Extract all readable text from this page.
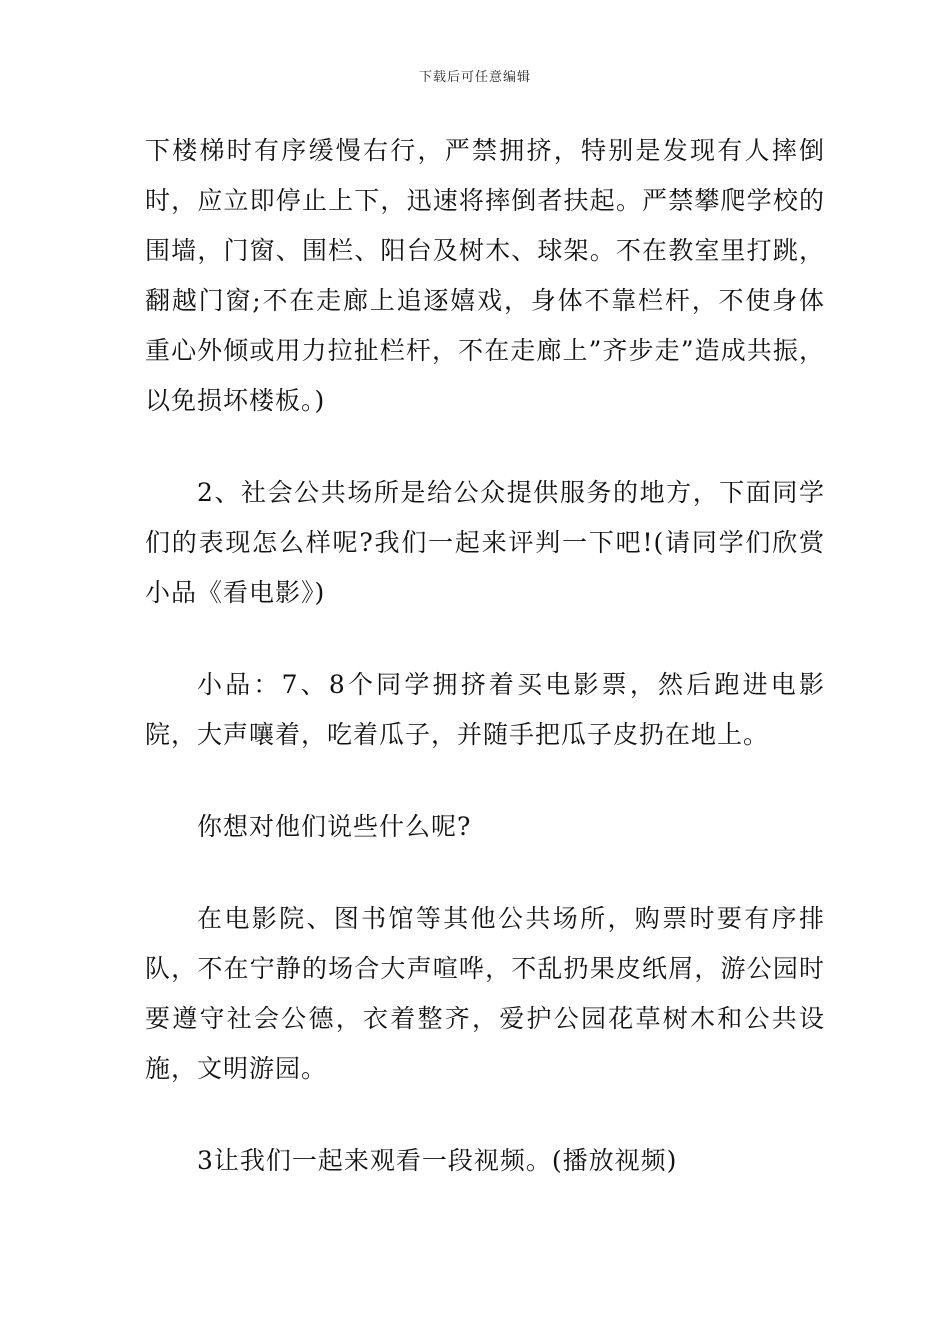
下载后可任意编辑

下楼梯时有序缓慢右行，严禁拥挤，特别是发现有人摔倒时，应立即停止上下，迅速将摔倒者扶起。严禁攀爬学校的围墙，门窗、围栏、阳台及树木、球架。不在教室里打跳，翻越门窗;不在走廊上追逐嬉戏，身体不靠栏杆，不使身体重心外倾或用力拉扯栏杆，不在走廊上”齐步走”造成共振，以免损坏楼板。)

2、社会公共场所是给公众提供服务的地方，下面同学们的表现怎么样呢?我们一起来评判一下吧!(请同学们欣赏小品《看电影》)

小品：7、8个同学拥挤着买电影票，然后跑进电影院，大声嚷着，吃着瓜子，并随手把瓜子皮扔在地上。

你想对他们说些什么呢?

在电影院、图书馆等其他公共场所，购票时要有序排队，不在宁静的场合大声喧哗，不乱扔果皮纸屑，游公园时要遵守社会公德，衣着整齐，爱护公园花草树木和公共设施，文明游园。

3让我们一起来观看一段视频。(播放视频)
